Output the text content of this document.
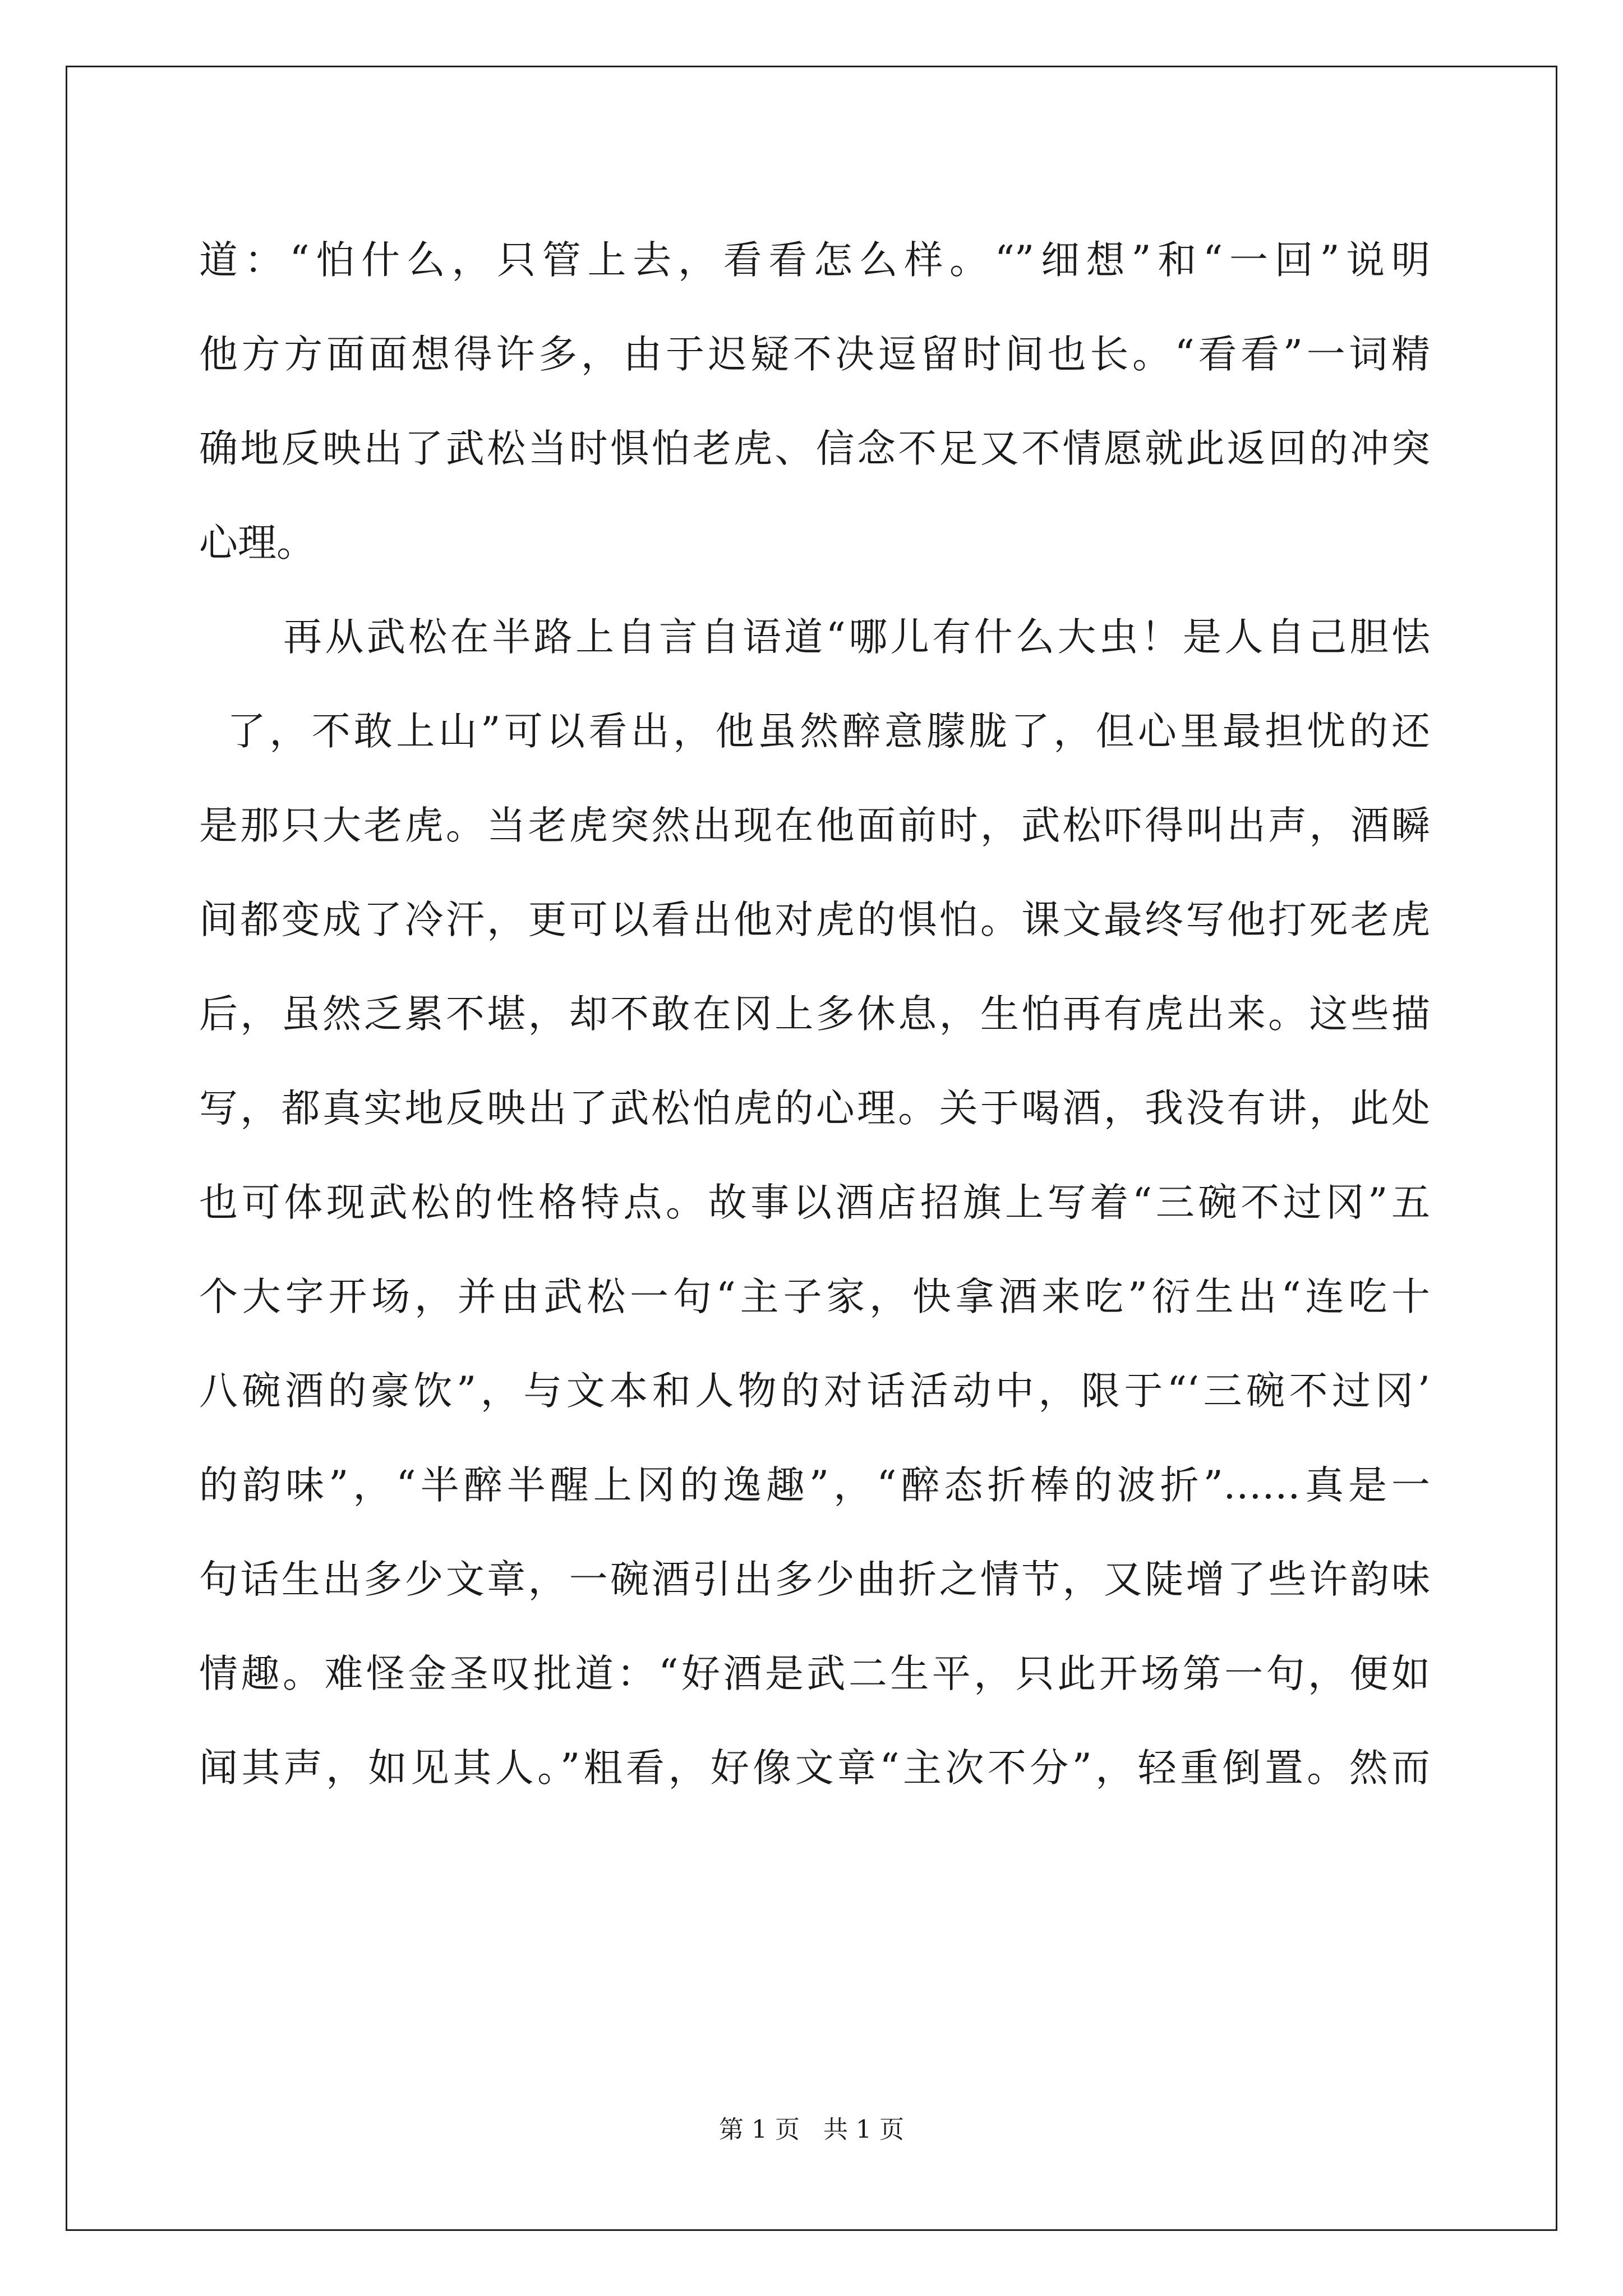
道：“怕什么，只管上去，看看怎么样。“”细想”和“一回”说明
他方方面面想得许多，由于迟疑不决逗留时间也长。“看看”一词精
确地反映出了武松当时惧怕老虎、信念不足又不情愿就此返回的冲突
心理。
再从武松在半路上自言自语道“哪儿有什么大虫！是人自己胆怯
了，不敢上山”可以看出，他虽然醉意朦胧了，但心里最担忧的还
是那只大老虎。当老虎突然出现在他面前时，武松吓得叫出声，酒瞬
间都变成了冷汗，更可以看出他对虎的惧怕。课文最终写他打死老虎
后，虽然乏累不堪，却不敢在冈上多休息，生怕再有虎出来。这些描
写，都真实地反映出了武松怕虎的心理。关于喝酒，我没有讲，此处
也可体现武松的性格特点。故事以酒店招旗上写着“三碗不过冈”五
个大字开场，并由武松一句“主子家，快拿酒来吃”衍生出“连吃十
八碗酒的豪饮”，与文本和人物的对话活动中，限于“‘三碗不过冈’
的韵味”，“半醉半醒上冈的逸趣”，“醉态折棒的波折”……真是一
句话生出多少文章，一碗酒引出多少曲折之情节，又陡增了些许韵味
情趣。难怪金圣叹批道：“好酒是武二生平，只此开场第一句，便如
闻其声，如见其人。”粗看，好像文章“主次不分”，轻重倒置。然而
第 1 页   共 1 页
